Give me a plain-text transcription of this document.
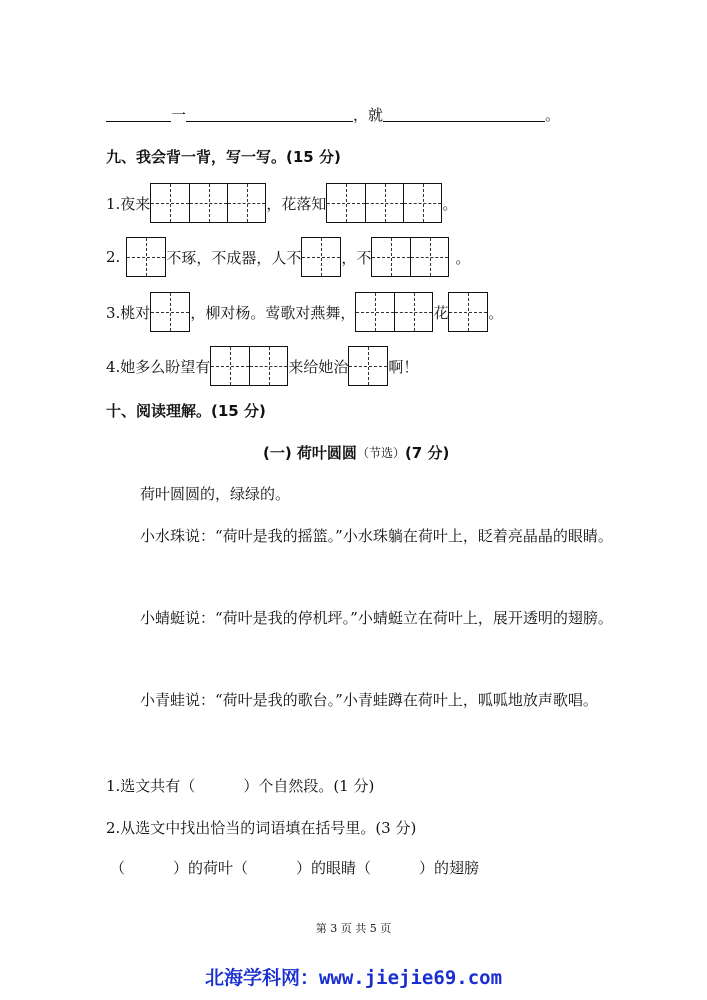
一	，就	。
九、我会背一背，写一写。(15 分)
1.夜来	，花落知	。
2.	不琢，不成器，人不	，不	。
3.桃对	，柳对杨。莺歌对燕舞，	花	。
4.她多么盼望有	来给她治	啊！
十、阅读理解。(15 分)
(一) 荷叶圆圆 （节选） (7 分)
荷叶圆圆的，绿绿的。
小水珠说：“荷叶是我的摇篮。”小水珠躺在荷叶上，眨着亮晶晶的眼睛。
小蜻蜓说：“荷叶是我的停机坪。”小蜻蜓立在荷叶上，展开透明的翅膀。
小青蛙说：“荷叶是我的歌台。”小青蛙蹲在荷叶上，呱呱地放声歌唱。
1.选文共有（	）个自然段。(1 分)
2.从选文中找出恰当的词语填在括号里。(3 分)
（	）的荷叶（	）的眼睛（	）的翅膀
第 3 页 共 5 页
北海学科网：www.jiejie69.com
